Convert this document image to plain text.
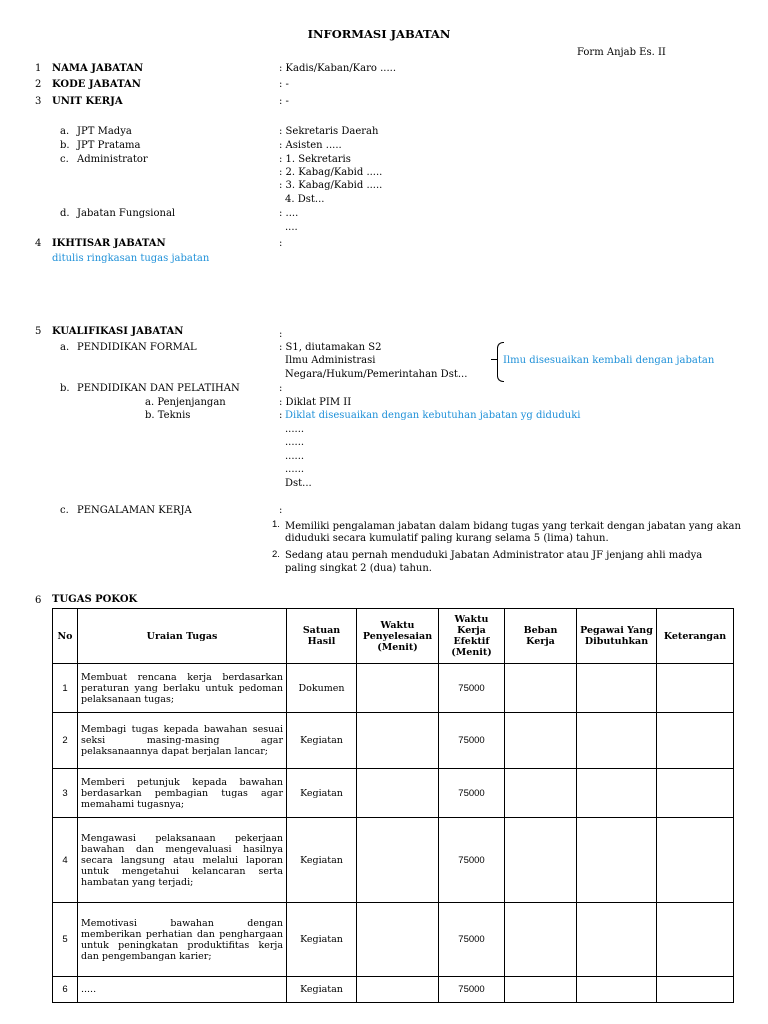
INFORMASI JABATAN
Form Anjab Es. II
1 NAMA JABATAN	: Kadis/Kaban/Karo .....
2 KODE JABATAN	: -
3 UNIT KERJA	: -
a. JPT Madya	: Sekretaris Daerah
b. JPT Pratama	: Asisten .....
c. Administrator	: 1. Sekretaris
: 2. Kabag/Kabid .....
: 3. Kabag/Kabid .....
4. Dst...
d. Jabatan Fungsional	: ....
....
4 IKHTISAR JABATAN	:
ditulis ringkasan tugas jabatan
5 KUALIFIKASI JABATAN	:
a. PENDIDIKAN FORMAL	: S1, diutamakan S2
Ilmu Administrasi
Negara/Hukum/Pemerintahan Dst...
Ilmu disesuaikan kembali dengan jabatan
b. PENDIDIKAN DAN PELATIHAN	:
a. Penjenjangan	: Diklat PIM II
b. Teknis	: Diklat disesuaikan dengan kebutuhan jabatan yg diduduki
......
......
......
......
Dst...
c. PENGALAMAN KERJA	:
1. Memiliki pengalaman jabatan dalam bidang tugas yang terkait dengan jabatan yang akan
diduduki secara kumulatif paling kurang selama 5 (lima) tahun.
2. Sedang atau pernah menduduki Jabatan Administrator atau JF jenjang ahli madya
paling singkat 2 (dua) tahun.
6 TUGAS POKOK
No	Uraian Tugas	Satuan Hasil	Waktu Penyelesaian (Menit)	Waktu Kerja Efektif (Menit)	Beban Kerja	Pegawai Yang Dibutuhkan	Keterangan
1	Membuat rencana kerja berdasarkan peraturan yang berlaku untuk pedoman pelaksanaan tugas;	Dokumen		75000			
2	Membagi tugas kepada bawahan sesuai seksi masing-masing agar pelaksanaannya dapat berjalan lancar;	Kegiatan		75000			
3	Memberi petunjuk kepada bawahan berdasarkan pembagian tugas agar memahami tugasnya;	Kegiatan		75000			
4	Mengawasi pelaksanaan pekerjaan bawahan dan mengevaluasi hasilnya secara langsung atau melalui laporan untuk mengetahui kelancaran serta hambatan yang terjadi;	Kegiatan		75000			
5	Memotivasi bawahan dengan memberikan perhatian dan penghargaan untuk peningkatan produktifitas kerja dan pengembangan karier;	Kegiatan		75000			
6	.....	Kegiatan		75000			
